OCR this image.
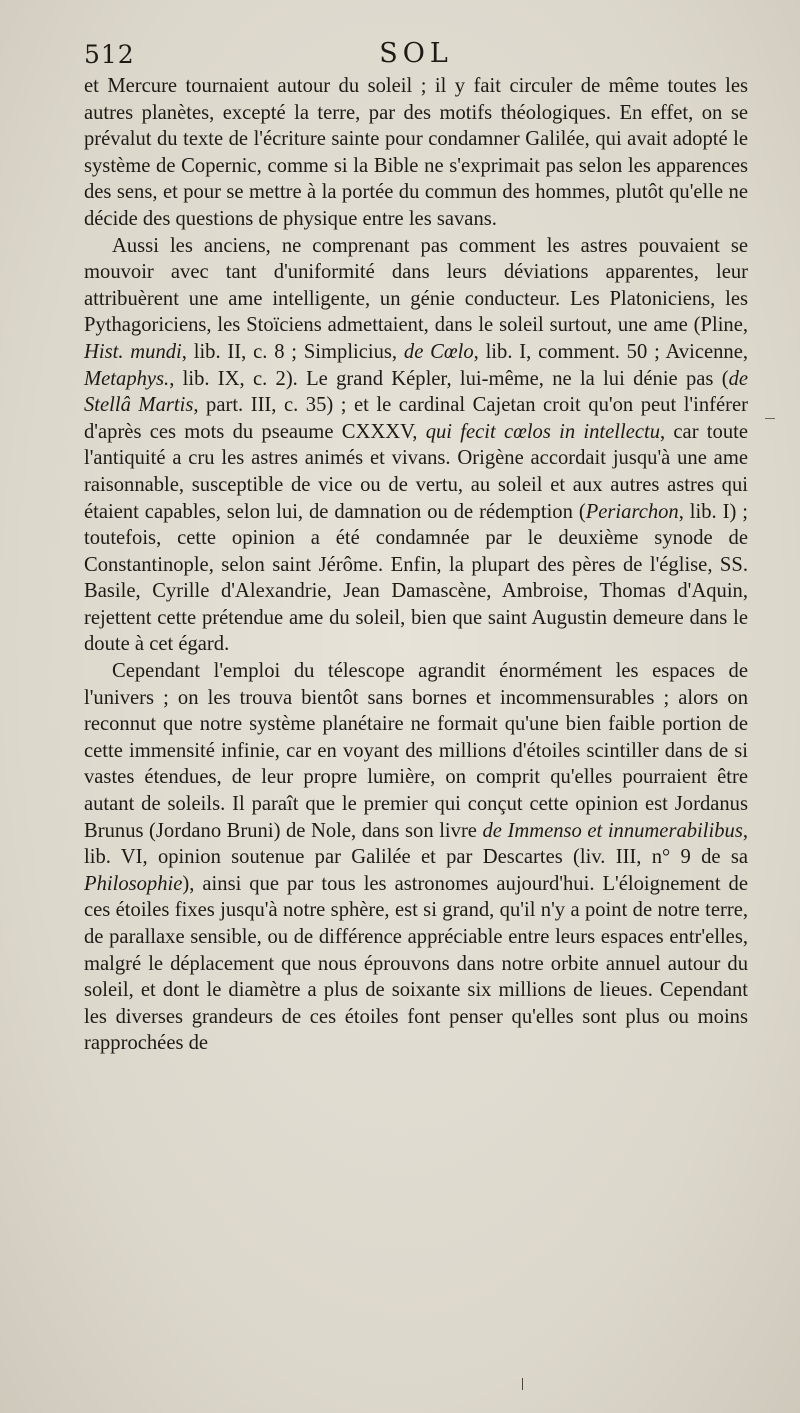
512	SOL

et Mercure tournaient autour du soleil ; il y fait circuler de même toutes les autres planètes, excepté la terre, par des motifs théologiques. En effet, on se prévalut du texte de l'écriture sainte pour condamner Galilée, qui avait adopté le système de Copernic, comme si la Bible ne s'exprimait pas selon les apparences des sens, et pour se mettre à la portée du commun des hommes, plutôt qu'elle ne décide des questions de physique entre les savans.

Aussi les anciens, ne comprenant pas comment les astres pouvaient se mouvoir avec tant d'uniformité dans leurs déviations apparentes, leur attribuèrent une ame intelligente, un génie conducteur. Les Platoniciens, les Pythagoriciens, les Stoïciens admettaient, dans le soleil surtout, une ame (Pline, Hist. mundi, lib. II, c. 8 ; Simplicius, de Cœlo, lib. I, comment. 50 ; Avicenne, Metaphys., lib. IX, c. 2). Le grand Képler, lui-même, ne la lui dénie pas (de Stellâ Martis, part. III, c. 35) ; et le cardinal Cajetan croit qu'on peut l'inférer d'après ces mots du pseaume CXXXV, qui fecit cœlos in intellectu, car toute l'antiquité a cru les astres animés et vivans. Origène accordait jusqu'à une ame raisonnable, susceptible de vice ou de vertu, au soleil et aux autres astres qui étaient capables, selon lui, de damnation ou de rédemption (Periarchon, lib. I) ; toutefois, cette opinion a été condamnée par le deuxième synode de Constantinople, selon saint Jérôme. Enfin, la plupart des pères de l'église, SS. Basile, Cyrille d'Alexandrie, Jean Damascène, Ambroise, Thomas d'Aquin, rejettent cette prétendue ame du soleil, bien que saint Augustin demeure dans le doute à cet égard.

Cependant l'emploi du télescope agrandit énormément les espaces de l'univers ; on les trouva bientôt sans bornes et incommensurables ; alors on reconnut que notre système planétaire ne formait qu'une bien faible portion de cette immensité infinie, car en voyant des millions d'étoiles scintiller dans de si vastes étendues, de leur propre lumière, on comprit qu'elles pourraient être autant de soleils. Il paraît que le premier qui conçut cette opinion est Jordanus Brunus (Jordano Bruni) de Nole, dans son livre de Immenso et innumerabilibus, lib. VI, opinion soutenue par Galilée et par Descartes (liv. III, n° 9 de sa Philosophie), ainsi que par tous les astronomes aujourd'hui. L'éloignement de ces étoiles fixes jusqu'à notre sphère, est si grand, qu'il n'y a point de notre terre, de parallaxe sensible, ou de différence appréciable entre leurs espaces entr'elles, malgré le déplacement que nous éprouvons dans notre orbite annuel autour du soleil, et dont le diamètre a plus de soixante six millions de lieues. Cependant les diverses grandeurs de ces étoiles font penser qu'elles sont plus ou moins rapprochées de
